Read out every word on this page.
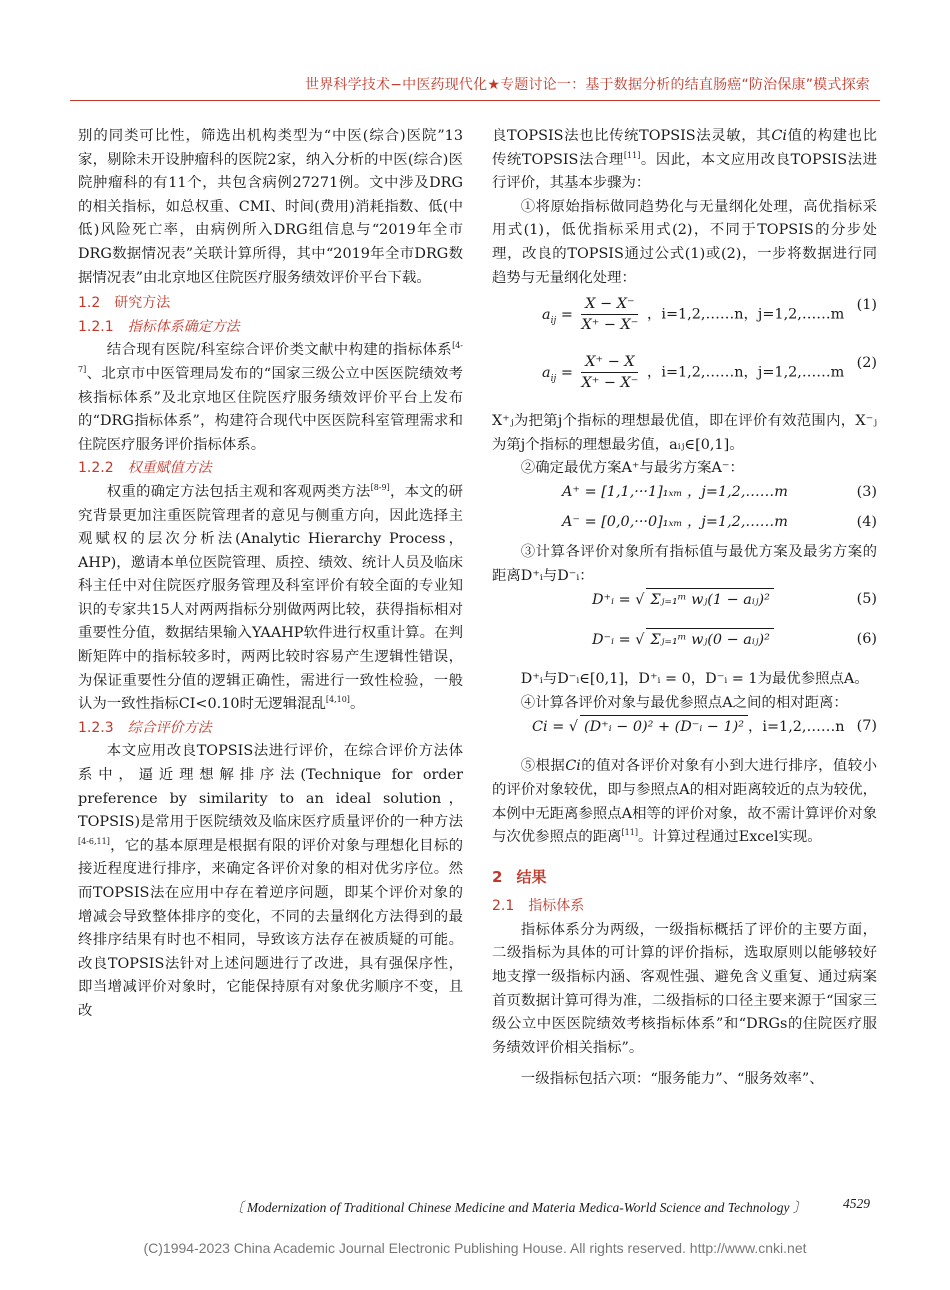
世界科学技术−中医药现代化★专题讨论一：基于数据分析的结直肠癌“防治保康”模式探索

别的同类可比性，筛选出机构类型为“中医(综合)医院”13家，剔除未开设肿瘤科的医院2家，纳入分析的中医(综合)医院肿瘤科的有11个，共包含病例27271例。文中涉及DRG的相关指标，如总权重、CMI、时间(费用)消耗指数、低(中低)风险死亡率，由病例所入DRG组信息与“2019年全市DRG数据情况表”关联计算所得，其中“2019年全市DRG数据情况表”由北京地区住院医疗服务绩效评价平台下载。

1.2 研究方法

1.2.1 指标体系确定方法

结合现有医院/科室综合评价类文献中构建的指标体系[4-7]、北京市中医管理局发布的“国家三级公立中医医院绩效考核指标体系”及北京地区住院医疗服务绩效评价平台上发布的“DRG指标体系”，构建符合现代中医医院科室管理需求和住院医疗服务评价指标体系。

1.2.2 权重赋值方法

权重的确定方法包括主观和客观两类方法[8-9]，本文的研究背景更加注重医院管理者的意见与侧重方向，因此选择主观赋权的层次分析法(Analytic Hierarchy Process，AHP)，邀请本单位医院管理、质控、绩效、统计人员及临床科主任中对住院医疗服务管理及科室评价有较全面的专业知识的专家共15人对两两指标分别做两两比较，获得指标相对重要性分值，数据结果输入YAAHP软件进行权重计算。在判断矩阵中的指标较多时，两两比较时容易产生逻辑性错误，为保证重要性分值的逻辑正确性，需进行一致性检验，一般认为一致性指标CI<0.10时无逻辑混乱[4,10]。

1.2.3 综合评价方法

本文应用改良TOPSIS法进行评价，在综合评价方法体系中，逼近理想解排序法(Technique for order preference by similarity to an ideal solution，TOPSIS)是常用于医院绩效及临床医疗质量评价的一种方法[4-6,11]，它的基本原理是根据有限的评价对象与理想化目标的接近程度进行排序，来确定各评价对象的相对优劣序位。然而TOPSIS法在应用中存在着逆序问题，即某个评价对象的增减会导致整体排序的变化，不同的去量纲化方法得到的最终排序结果有时也不相同，导致该方法存在被质疑的可能。改良TOPSIS法针对上述问题进行了改进，具有强保序性，即当增减评价对象时，它能保持原有对象优劣顺序不变，且改

良TOPSIS法也比传统TOPSIS法灵敏，其Ci值的构建也比传统TOPSIS法合理[11]。因此，本文应用改良TOPSIS法进行评价，其基本步骤为：

①将原始指标做同趋势化与无量纲化处理，高优指标采用式(1)，低优指标采用式(2)，不同于TOPSIS的分步处理，改良的TOPSIS通过公式(1)或(2)，一步将数据进行同趋势与无量纲化处理：

$a_{ij} = \frac{X - X^-}{X^+ - X^-}$ ，i=1,2,……n，j=1,2,……m
(1)
$a_{ij} = \frac{X^+ - X}{X^+ - X^-}$ ，i=1,2,……n，j=1,2,……m
(2)

X⁺ⱼ为把第j个指标的理想最优值，即在评价有效范围内，X⁻ⱼ为第j个指标的理想最劣值，aᵢⱼ∈[0,1]。

②确定最优方案A⁺与最劣方案A⁻：

A⁺ = [1,1,···1]₁ₓₘ ，j=1,2,……m	(3)
A⁻ = [0,0,···0]₁ₓₘ ，j=1,2,……m	(4)

③计算各评价对象所有指标值与最优方案及最劣方案的距离D⁺ᵢ与D⁻ᵢ：

D⁺ᵢ = √ Σⱼ₌₁ᵐ wⱼ(1 − aᵢⱼ)²	(5)
D⁻ᵢ = √ Σⱼ₌₁ᵐ wⱼ(0 − aᵢⱼ)²	(6)

D⁺ᵢ与D⁻ᵢ∈[0,1]，D⁺ᵢ = 0，D⁻ᵢ = 1为最优参照点A。

④计算各评价对象与最优参照点A之间的相对距离：

Ci = √ (D⁺ᵢ − 0)² + (D⁻ᵢ − 1)² ，i=1,2,……n (7)

⑤根据Ci的值对各评价对象有小到大进行排序，值较小的评价对象较优，即与参照点A的相对距离较近的点为较优，本例中无距离参照点A相等的评价对象，故不需计算评价对象与次优参照点的距离[11]。计算过程通过Excel实现。

2 结果

2.1 指标体系

指标体系分为两级，一级指标概括了评价的主要方面，二级指标为具体的可计算的评价指标，选取原则以能够较好地支撑一级指标内涵、客观性强、避免含义重复、通过病案首页数据计算可得为准，二级指标的口径主要来源于“国家三级公立中医医院绩效考核指标体系”和“DRGs的住院医疗服务绩效评价相关指标”。

一级指标包括六项：“服务能力”、“服务效率”、

〔 Modernization of Traditional Chinese Medicine and Materia Medica-World Science and Technology 〕	4529
(C)1994-2023 China Academic Journal Electronic Publishing House. All rights reserved. http://www.cnki.net
